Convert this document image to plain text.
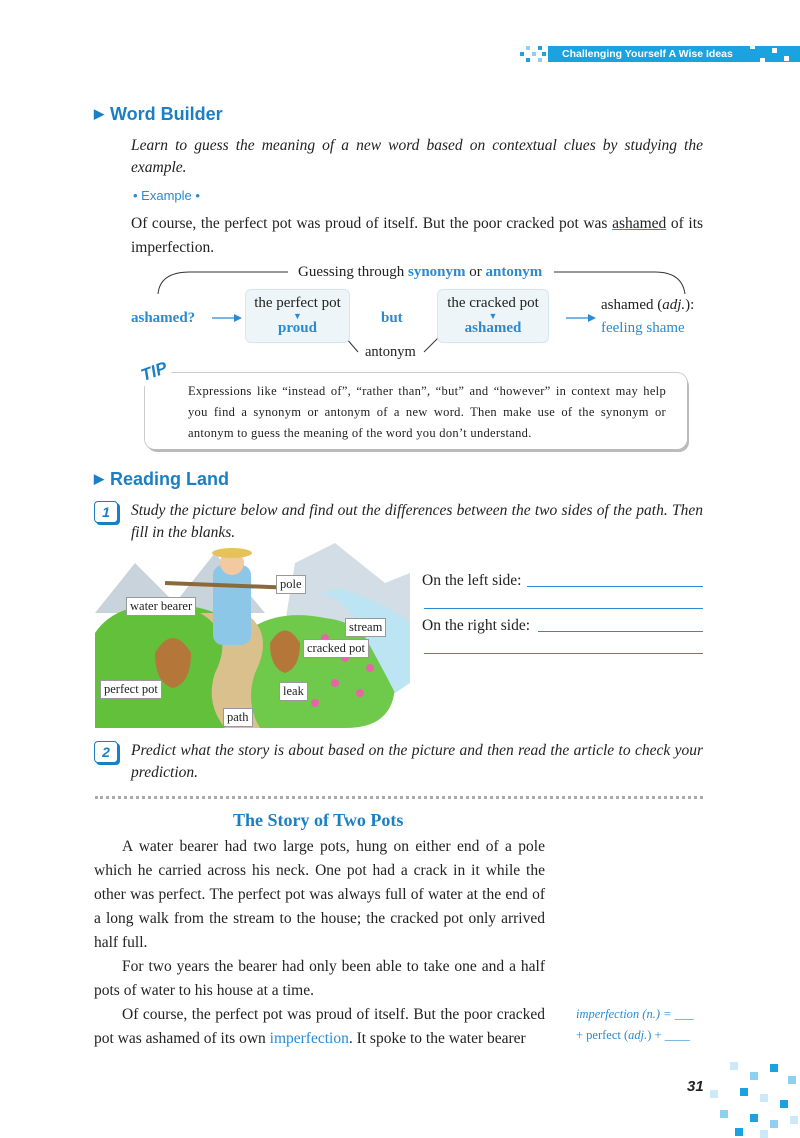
Challenging Yourself A Wise Ideas
▶ Word Builder
Learn to guess the meaning of a new word based on contextual clues by studying the example.
• Example •
Of course, the perfect pot was proud of itself. But the poor cracked pot was ashamed of its imperfection.
Guessing through synonym or antonym
ashamed?
the perfect pot
▼
proud
but
the cracked pot
▼
ashamed
antonym
ashamed (adj.):
feeling shame
TIP
Expressions like “instead of”, “rather than”, “but” and “however” in context may help you find a synonym or antonym of a new word. Then make use of the synonym or antonym to guess the meaning of the word you don’t understand.
▶ Reading Land
1	Study the picture below and find out the differences between the two sides of the path. Then fill in the blanks.
pole
water bearer
stream
cracked pot
perfect pot	leak
path
On the left side:
On the right side:
2	Predict what the story is about based on the picture and then read the article to check your prediction.
The Story of Two Pots
A water bearer had two large pots, hung on either end of a pole which he carried across his neck. One pot had a crack in it while the other was perfect. The perfect pot was always full of water at the end of a long walk from the stream to the house; the cracked pot only arrived half full.
For two years the bearer had only been able to take one and a half pots of water to his house at a time.
Of course, the perfect pot was proud of itself. But the poor cracked pot was ashamed of its own imperfection. It spoke to the water bearer
imperfection (n.) = ___
+ perfect (adj.) + ____
31
